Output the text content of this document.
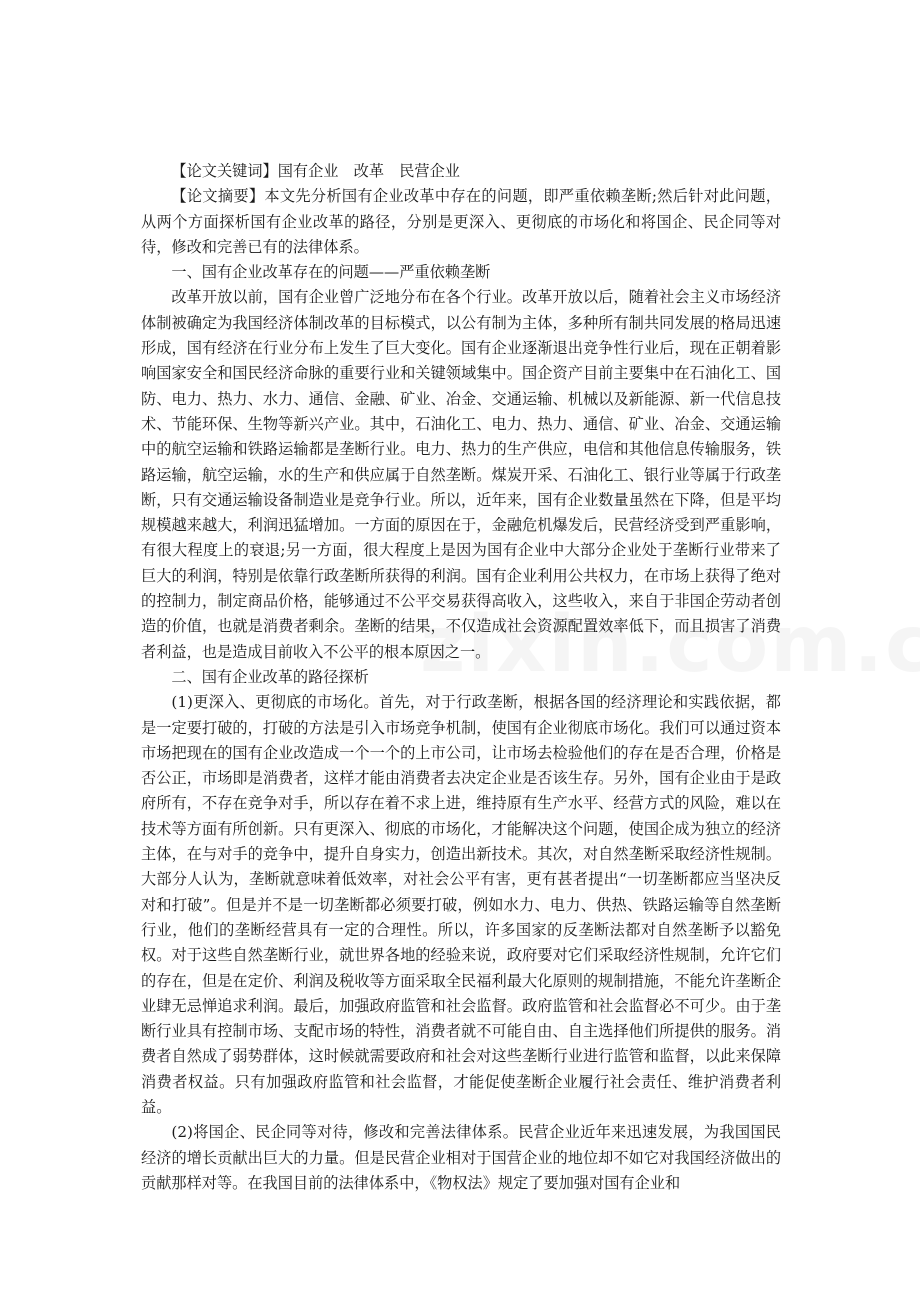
【论文关键词】国有企业　改革　民营企业

【论文摘要】本文先分析国有企业改革中存在的问题，即严重依赖垄断;然后针对此问题，从两个方面探析国有企业改革的路径，分别是更深入、更彻底的市场化和将国企、民企同等对待，修改和完善已有的法律体系。

一、国有企业改革存在的问题——严重依赖垄断

改革开放以前，国有企业曾广泛地分布在各个行业。改革开放以后，随着社会主义市场经济体制被确定为我国经济体制改革的目标模式，以公有制为主体，多种所有制共同发展的格局迅速形成，国有经济在行业分布上发生了巨大变化。国有企业逐渐退出竞争性行业后，现在正朝着影响国家安全和国民经济命脉的重要行业和关键领域集中。国企资产目前主要集中在石油化工、国防、电力、热力、水力、通信、金融、矿业、冶金、交通运输、机械以及新能源、新一代信息技术、节能环保、生物等新兴产业。其中，石油化工、电力、热力、通信、矿业、冶金、交通运输中的航空运输和铁路运输都是垄断行业。电力、热力的生产供应，电信和其他信息传输服务，铁路运输，航空运输，水的生产和供应属于自然垄断。煤炭开采、石油化工、银行业等属于行政垄断，只有交通运输设备制造业是竞争行业。所以，近年来，国有企业数量虽然在下降，但是平均规模越来越大，利润迅猛增加。一方面的原因在于，金融危机爆发后，民营经济受到严重影响，有很大程度上的衰退;另一方面，很大程度上是因为国有企业中大部分企业处于垄断行业带来了巨大的利润，特别是依靠行政垄断所获得的利润。国有企业利用公共权力，在市场上获得了绝对的控制力，制定商品价格，能够通过不公平交易获得高收入，这些收入，来自于非国企劳动者创造的价值，也就是消费者剩余。垄断的结果，不仅造成社会资源配置效率低下，而且损害了消费者利益，也是造成目前收入不公平的根本原因之一。

二、国有企业改革的路径探析

(1)更深入、更彻底的市场化。首先，对于行政垄断，根据各国的经济理论和实践依据，都是一定要打破的，打破的方法是引入市场竞争机制，使国有企业彻底市场化。我们可以通过资本市场把现在的国有企业改造成一个一个的上市公司，让市场去检验他们的存在是否合理，价格是否公正，市场即是消费者，这样才能由消费者去决定企业是否该生存。另外，国有企业由于是政府所有，不存在竞争对手，所以存在着不求上进，维持原有生产水平、经营方式的风险，难以在技术等方面有所创新。只有更深入、彻底的市场化，才能解决这个问题，使国企成为独立的经济主体，在与对手的竞争中，提升自身实力，创造出新技术。其次，对自然垄断采取经济性规制。大部分人认为，垄断就意味着低效率，对社会公平有害，更有甚者提出“一切垄断都应当坚决反对和打破”。但是并不是一切垄断都必须要打破，例如水力、电力、供热、铁路运输等自然垄断行业，他们的垄断经营具有一定的合理性。所以，许多国家的反垄断法都对自然垄断予以豁免权。对于这些自然垄断行业，就世界各地的经验来说，政府要对它们采取经济性规制，允许它们的存在，但是在定价、利润及税收等方面采取全民福利最大化原则的规制措施，不能允许垄断企业肆无忌惮追求利润。最后，加强政府监管和社会监督。政府监管和社会监督必不可少。由于垄断行业具有控制市场、支配市场的特性，消费者就不可能自由、自主选择他们所提供的服务。消费者自然成了弱势群体，这时候就需要政府和社会对这些垄断行业进行监管和监督，以此来保障消费者权益。只有加强政府监管和社会监督，才能促使垄断企业履行社会责任、维护消费者利益。

(2)将国企、民企同等对待，修改和完善法律体系。民营企业近年来迅速发展，为我国国民经济的增长贡献出巨大的力量。但是民营企业相对于国营企业的地位却不如它对我国经济做出的贡献那样对等。在我国目前的法律体系中，《物权法》规定了要加强对国有企业和
